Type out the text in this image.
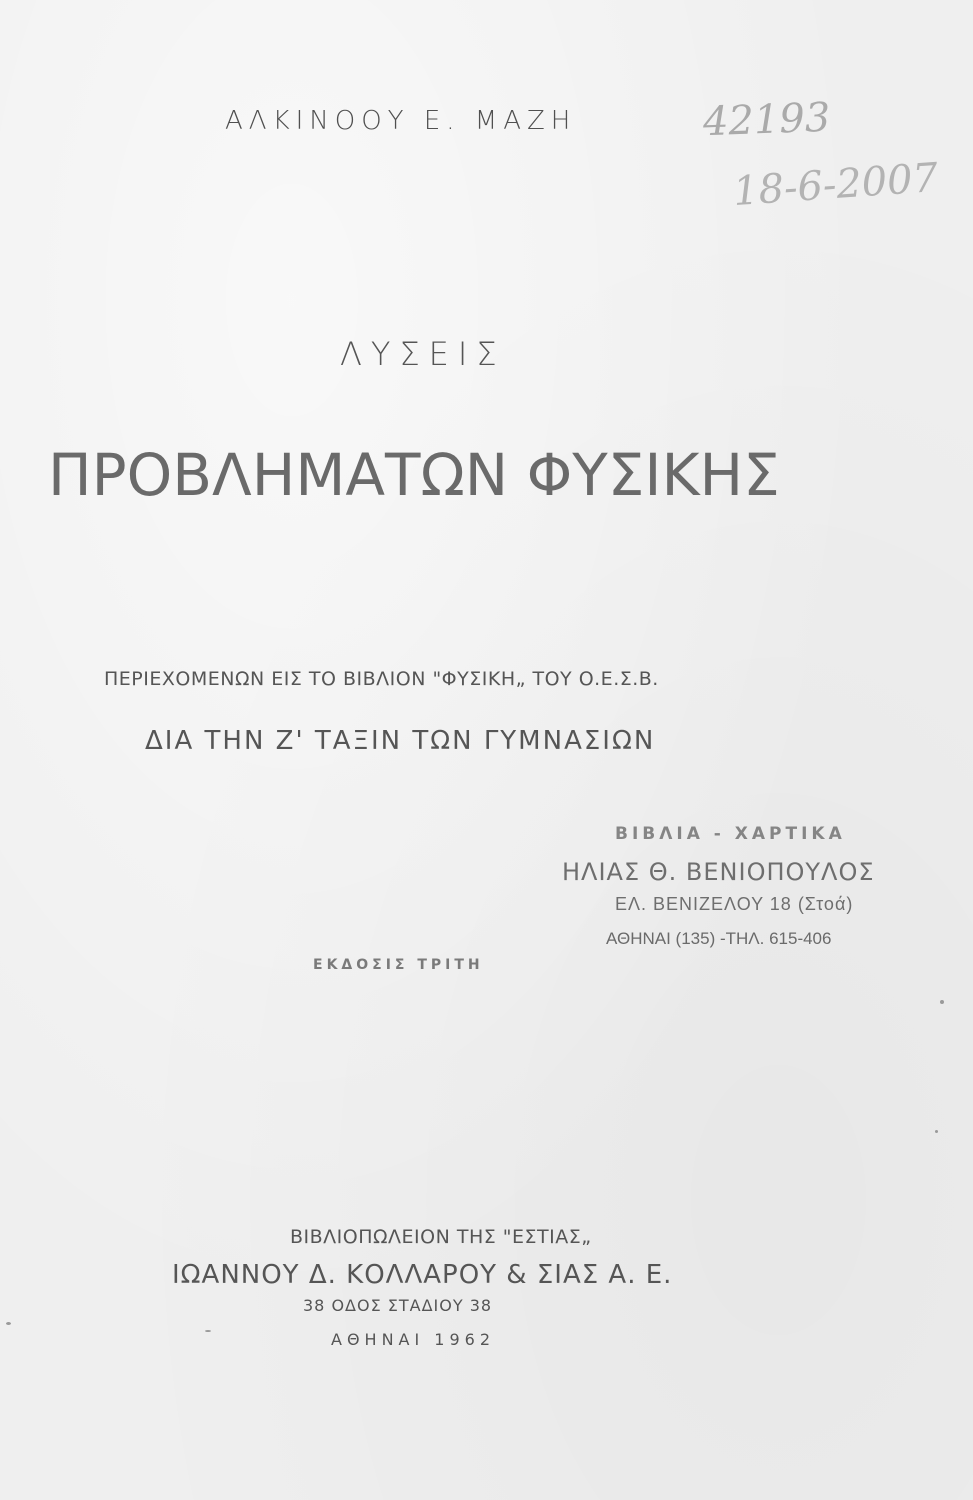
ΑΛΚΙΝΟΟΥ Ε. ΜΑΖΗ	42193
18-6-2007
ΛΥΣΕΙΣ
ΠΡΟΒΛΗΜΑΤΩΝ ΦΥΣΙΚΗΣ
ΠΕΡΙΕΧΟΜΕΝΩΝ ΕΙΣ ΤΟ ΒΙΒΛΙΟΝ "ΦΥΣΙΚΗ„ ΤΟΥ Ο.Ε.Σ.Β.
ΔΙΑ ΤΗΝ Ζ' ΤΑΞΙΝ ΤΩΝ ΓΥΜΝΑΣΙΩΝ
ΒΙΒΛΙΑ - ΧΑΡΤΙΚΑ
ΗΛΙΑΣ Θ. ΒΕΝΙΟΠΟΥΛΟΣ
ΕΛ. ΒΕΝΙΖΕΛΟΥ 18 (Στοά)
ΑΘΗΝΑΙ (135) -ΤΗΛ. 615-406
ΕΚΔΟΣΙΣ ΤΡΙΤΗ
ΒΙΒΛΙΟΠΩΛΕΙΟΝ ΤΗΣ "ΕΣΤΙΑΣ„
ΙΩΑΝΝΟΥ Δ. ΚΟΛΛΑΡΟΥ & ΣΙΑΣ Α. Ε.
38 ΟΔΟΣ ΣΤΑΔΙΟΥ 38
ΑΘΗΝΑΙ 1962
